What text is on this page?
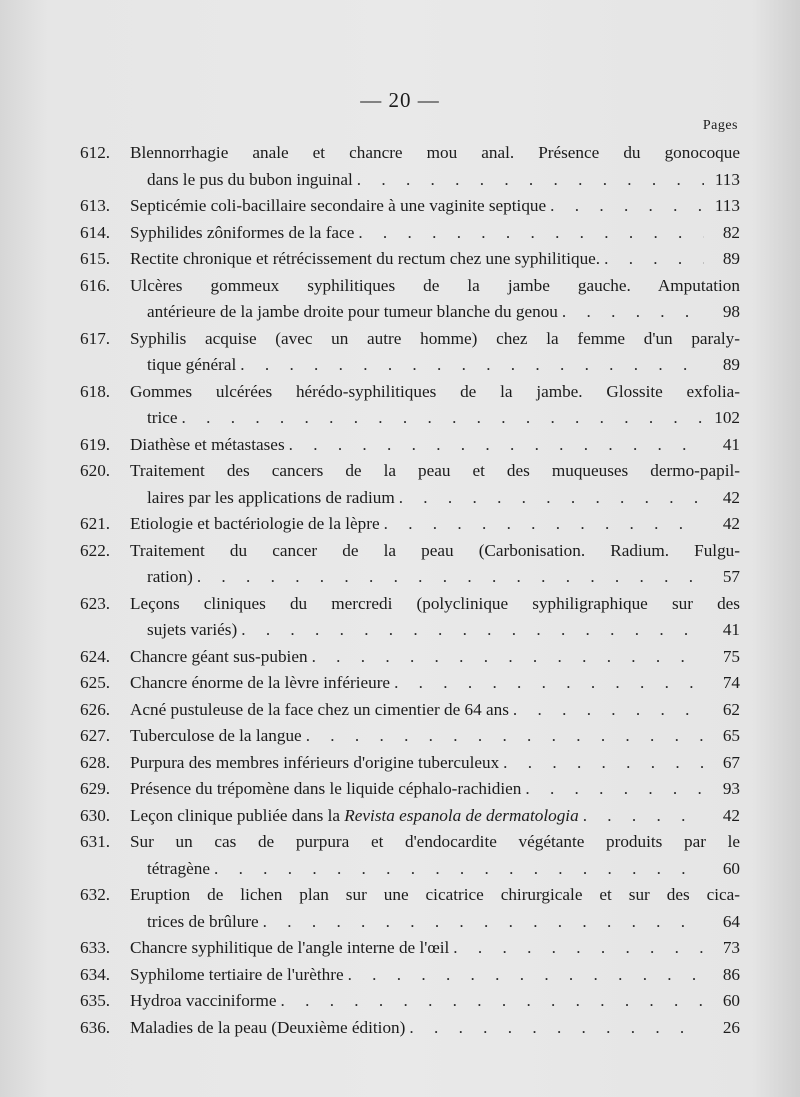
— 20 —
Pages
612.	Blennorrhagie anale et chancre mou anal. Présence du gonocoque
dans le pus du bubon inguinal . . .	113
613.	Septicémie coli-bacillaire secondaire à une vaginite septique . . .	113
614.	Syphilides zôniformes de la face . . .	82
615.	Rectite chronique et rétrécissement du rectum chez une syphilitique. . . .	89
616.	Ulcères gommeux syphilitiques de la jambe gauche. Amputation
antérieure de la jambe droite pour tumeur blanche du genou . . .	98
617.	Syphilis acquise (avec un autre homme) chez la femme d'un paraly-
tique général . . .	89
618.	Gommes ulcérées hérédo-syphilitiques de la jambe. Glossite exfolia-
trice . . .	102
619.	Diathèse et métastases . . .	41
620.	Traitement des cancers de la peau et des muqueuses dermo-papil-
laires par les applications de radium . . .	42
621.	Etiologie et bactériologie de la lèpre . . .	42
622.	Traitement du cancer de la peau (Carbonisation. Radium. Fulgu-
ration) . . .	57
623.	Leçons cliniques du mercredi (polyclinique syphiligraphique sur des
sujets variés) . . .	41
624.	Chancre géant sus-pubien . . .	75
625.	Chancre énorme de la lèvre inférieure . . .	74
626.	Acné pustuleuse de la face chez un cimentier de 64 ans . . .	62
627.	Tuberculose de la langue . . .	65
628.	Purpura des membres inférieurs d'origine tuberculeux . . .	67
629.	Présence du trépomène dans le liquide céphalo-rachidien . . .	93
630.	Leçon clinique publiée dans la Revista espanola de dermatologia . . .	42
631.	Sur un cas de purpura et d'endocardite végétante produits par le
tétragène . . .	60
632.	Eruption de lichen plan sur une cicatrice chirurgicale et sur des cica-
trices de brûlure . . .	64
633.	Chancre syphilitique de l'angle interne de l'œil . . .	73
634.	Syphilome tertiaire de l'urèthre . . .	86
635.	Hydroa vacciniforme . . .	60
636.	Maladies de la peau (Deuxième édition) . . .	26
